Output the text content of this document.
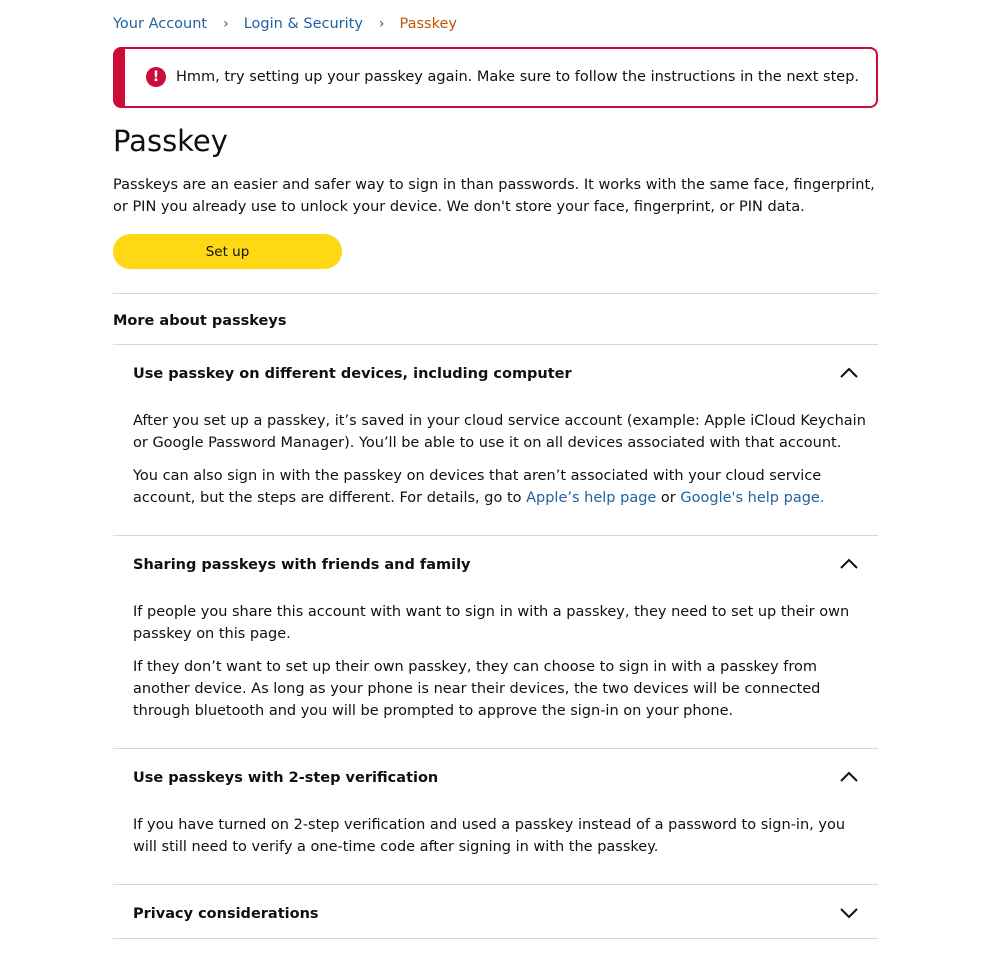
Your Account › Login & Security › Passkey
!	Hmm, try setting up your passkey again. Make sure to follow the instructions in the next step.
Passkey

Passkeys are an easier and safer way to sign in than passwords. It works with the same face, fingerprint, or PIN you already use to unlock your device. We don't store your face, fingerprint, or PIN data.

Set up
More about passkeys
Use passkey on different devices, including computer

After you set up a passkey, it’s saved in your cloud service account (example: Apple iCloud Keychain or Google Password Manager). You’ll be able to use it on all devices associated with that account.

You can also sign in with the passkey on devices that aren’t associated with your cloud service account, but the steps are different. For details, go to Apple’s help page or Google's help page.

Sharing passkeys with friends and family

If people you share this account with want to sign in with a passkey, they need to set up their own passkey on this page.

If they don’t want to set up their own passkey, they can choose to sign in with a passkey from another device. As long as your phone is near their devices, the two devices will be connected through bluetooth and you will be prompted to approve the sign-in on your phone.

Use passkeys with 2-step verification

If you have turned on 2-step verification and used a passkey instead of a password to sign-in, you will still need to verify a one-time code after signing in with the passkey.

Privacy considerations
